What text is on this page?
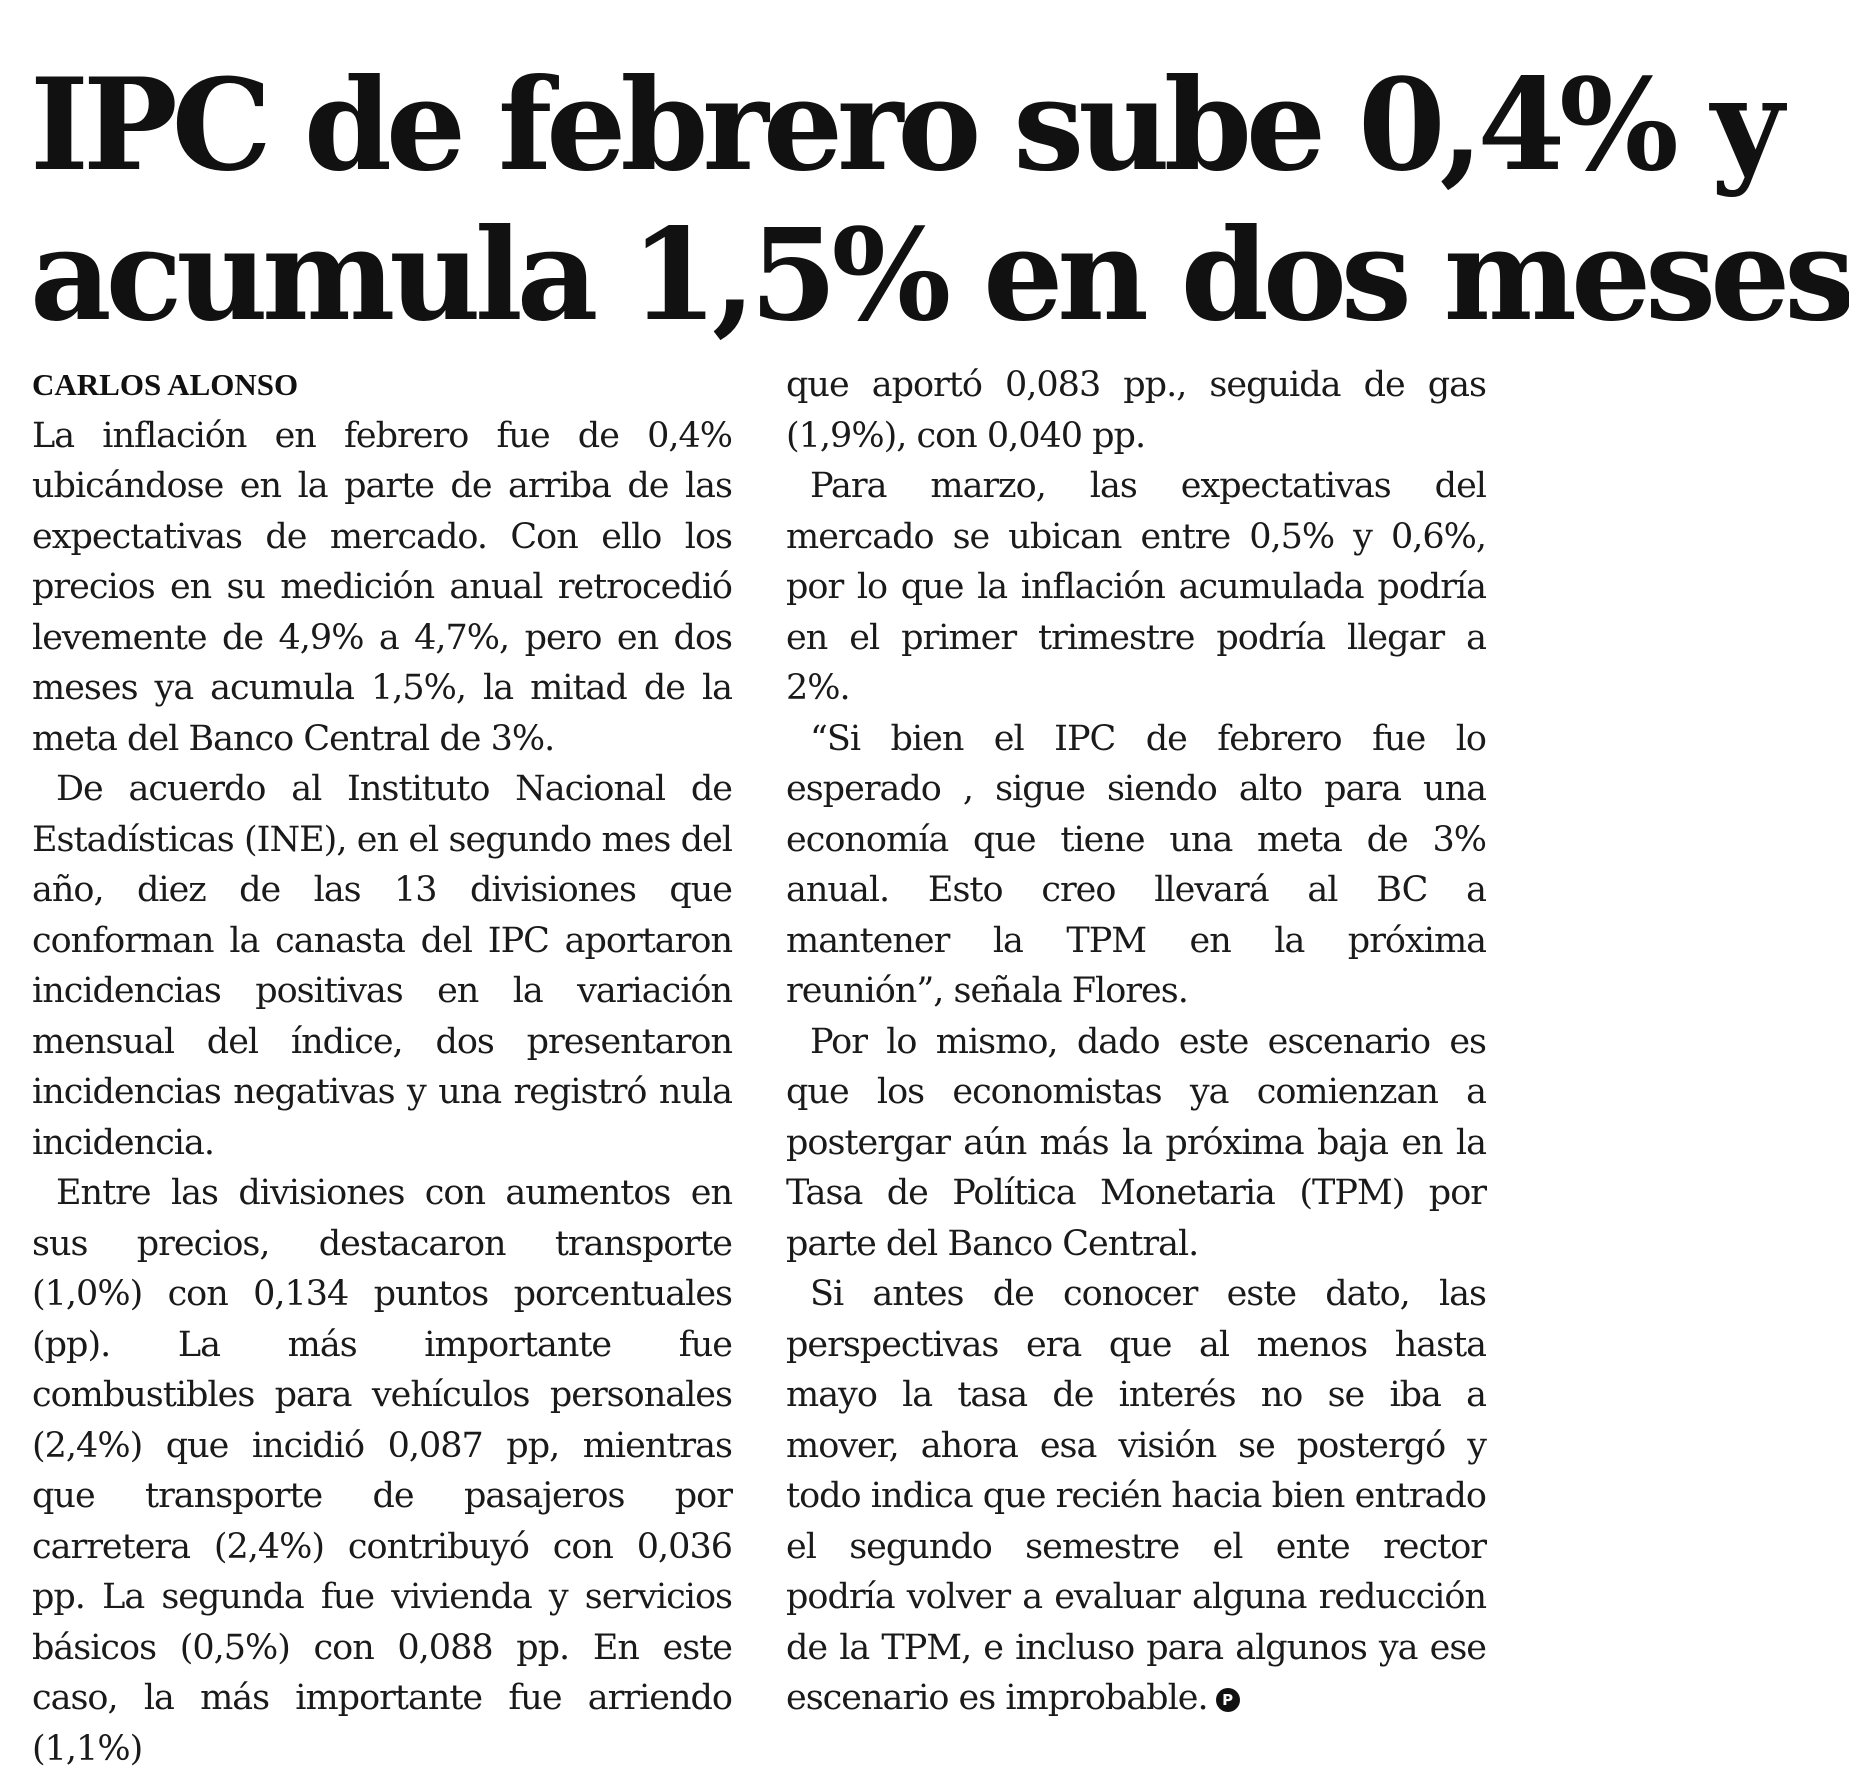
IPC de febrero sube 0,4% y
acumula 1,5% en dos meses
CARLOS ALONSO

La inflación en febrero fue de 0,4% ubicándose en la parte de arriba de las expectativas de mercado. Con ello los precios en su medición anual retrocedió levemente de 4,9% a 4,7%, pero en dos meses ya acumula 1,5%, la mitad de la meta del Banco Central de 3%.

De acuerdo al Instituto Nacional de Estadísticas (INE), en el segundo mes del año, diez de las 13 divisiones que conforman la canasta del IPC aportaron incidencias positivas en la variación mensual del índice, dos presentaron incidencias negativas y una registró nula incidencia.

Entre las divisiones con aumentos en sus precios, destacaron transporte (1,0%) con 0,134 puntos porcentuales (pp). La más importante fue combustibles para vehículos personales (2,4%) que incidió 0,087 pp, mientras que transporte de pasajeros por carretera (2,4%) contribuyó con 0,036 pp. La segunda fue vivienda y servicios básicos (0,5%) con 0,088 pp. En este caso, la más importante fue arriendo (1,1%)

que aportó 0,083 pp., seguida de gas (1,9%), con 0,040 pp.

Para marzo, las expectativas del mercado se ubican entre 0,5% y 0,6%, por lo que la inflación acumulada podría en el primer trimestre podría llegar a 2%.

“Si bien el IPC de febrero fue lo esperado , sigue siendo alto para una economía que tiene una meta de 3% anual. Esto creo llevará al BC a mantener la TPM en la próxima reunión”, señala Flores.

Por lo mismo, dado este escenario es que los economistas ya comienzan a postergar aún más la próxima baja en la Tasa de Política Monetaria (TPM) por parte del Banco Central.

Si antes de conocer este dato, las perspectivas era que al menos hasta mayo la tasa de interés no se iba a mover, ahora esa visión se postergó y todo indica que recién hacia bien entrado el segundo semestre el ente rector podría volver a evaluar alguna reducción de la TPM, e incluso para algunos ya ese escenario es improbable. P
